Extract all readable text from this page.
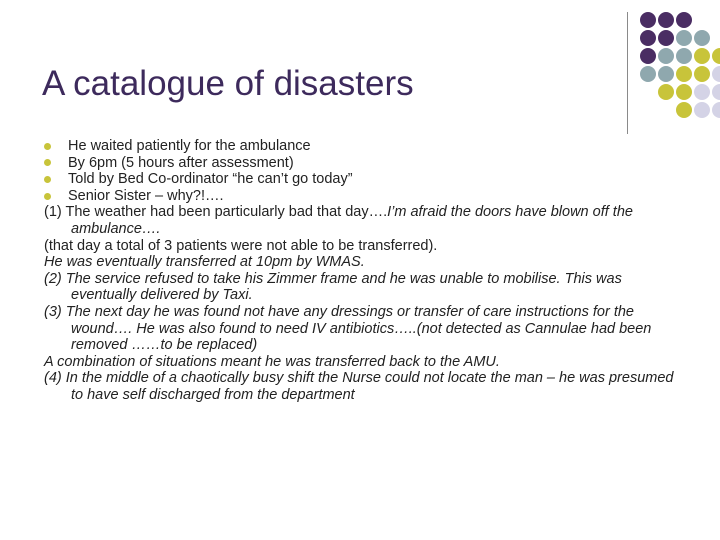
A catalogue of disasters

He waited patiently for the ambulance

By 6pm (5 hours after assessment)

Told by Bed Co-ordinator “he can’t go today”

Senior Sister – why?!….

(1) The weather had been particularly bad that day….I’m afraid the doors have blown off the ambulance….

(that day a total of 3 patients were not able to be transferred).

He was eventually transferred at 10pm by WMAS.

(2) The service refused to take his Zimmer frame and he was unable to mobilise. This was eventually delivered by Taxi.

(3) The next day he was found not have any dressings or transfer of care instructions for the wound…. He was also found to need IV antibiotics…..(not detected as Cannulae had been removed ……to be replaced)

A combination of situations meant he was transferred back to the AMU.

(4) In the middle of a chaotically busy shift the Nurse could not locate the man – he was presumed to have self discharged from the department
